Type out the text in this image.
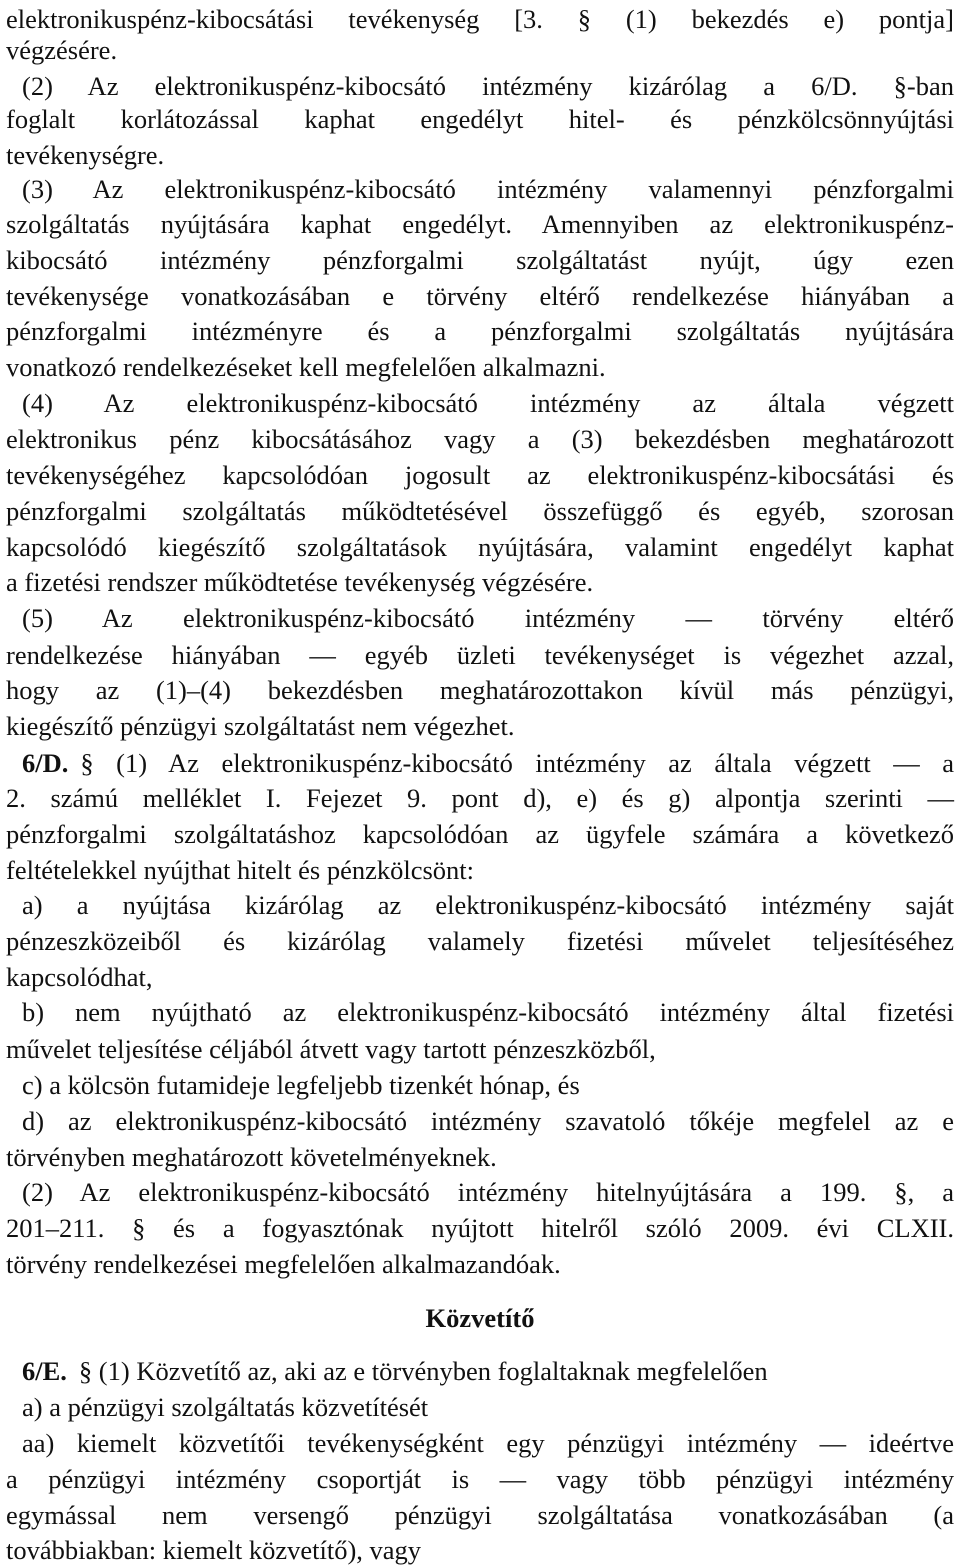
elektronikuspénz-kibocsátási tevékenység [3. § (1) bekezdés e) pontja]
végzésére.
(2) Az elektronikuspénz-kibocsátó intézmény kizárólag a 6/D. §-ban
foglalt korlátozással kaphat engedélyt hitel- és pénzkölcsönnyújtási
tevékenységre.
(3) Az elektronikuspénz-kibocsátó intézmény valamennyi pénzforgalmi
szolgáltatás nyújtására kaphat engedélyt. Amennyiben az elektronikuspénz-
kibocsátó intézmény pénzforgalmi szolgáltatást nyújt, úgy ezen
tevékenysége vonatkozásában e törvény eltérő rendelkezése hiányában a
pénzforgalmi intézményre és a pénzforgalmi szolgáltatás nyújtására
vonatkozó rendelkezéseket kell megfelelően alkalmazni.
(4) Az elektronikuspénz-kibocsátó intézmény az általa végzett
elektronikus pénz kibocsátásához vagy a (3) bekezdésben meghatározott
tevékenységéhez kapcsolódóan jogosult az elektronikuspénz-kibocsátási és
pénzforgalmi szolgáltatás működtetésével összefüggő és egyéb, szorosan
kapcsolódó kiegészítő szolgáltatások nyújtására, valamint engedélyt kaphat
a fizetési rendszer működtetése tevékenység végzésére.
(5) Az elektronikuspénz-kibocsátó intézmény — törvény eltérő
rendelkezése hiányában — egyéb üzleti tevékenységet is végezhet azzal,
hogy az (1)–(4) bekezdésben meghatározottakon kívül más pénzügyi,
kiegészítő pénzügyi szolgáltatást nem végezhet.
6/D. § (1) Az elektronikuspénz-kibocsátó intézmény az általa végzett — a
2. számú melléklet I. Fejezet 9. pont d), e) és g) alpontja szerinti —
pénzforgalmi szolgáltatáshoz kapcsolódóan az ügyfele számára a következő
feltételekkel nyújthat hitelt és pénzkölcsönt:
a) a nyújtása kizárólag az elektronikuspénz-kibocsátó intézmény saját
pénzeszközeiből és kizárólag valamely fizetési művelet teljesítéséhez
kapcsolódhat,
b) nem nyújtható az elektronikuspénz-kibocsátó intézmény által fizetési
művelet teljesítése céljából átvett vagy tartott pénzeszközből,
c) a kölcsön futamideje legfeljebb tizenkét hónap, és
d) az elektronikuspénz-kibocsátó intézmény szavatoló tőkéje megfelel az e
törvényben meghatározott követelményeknek.
(2) Az elektronikuspénz-kibocsátó intézmény hitelnyújtására a 199. §, a
201–211. § és a fogyasztónak nyújtott hitelről szóló 2009. évi CLXII.
törvény rendelkezései megfelelően alkalmazandóak.
Közvetítő
6/E. § (1) Közvetítő az, aki az e törvényben foglaltaknak megfelelően
a) a pénzügyi szolgáltatás közvetítését
aa) kiemelt közvetítői tevékenységként egy pénzügyi intézmény — ideértve
a pénzügyi intézmény csoportját is — vagy több pénzügyi intézmény
egymással nem versengő pénzügyi szolgáltatása vonatkozásában (a
továbbiakban: kiemelt közvetítő), vagy
